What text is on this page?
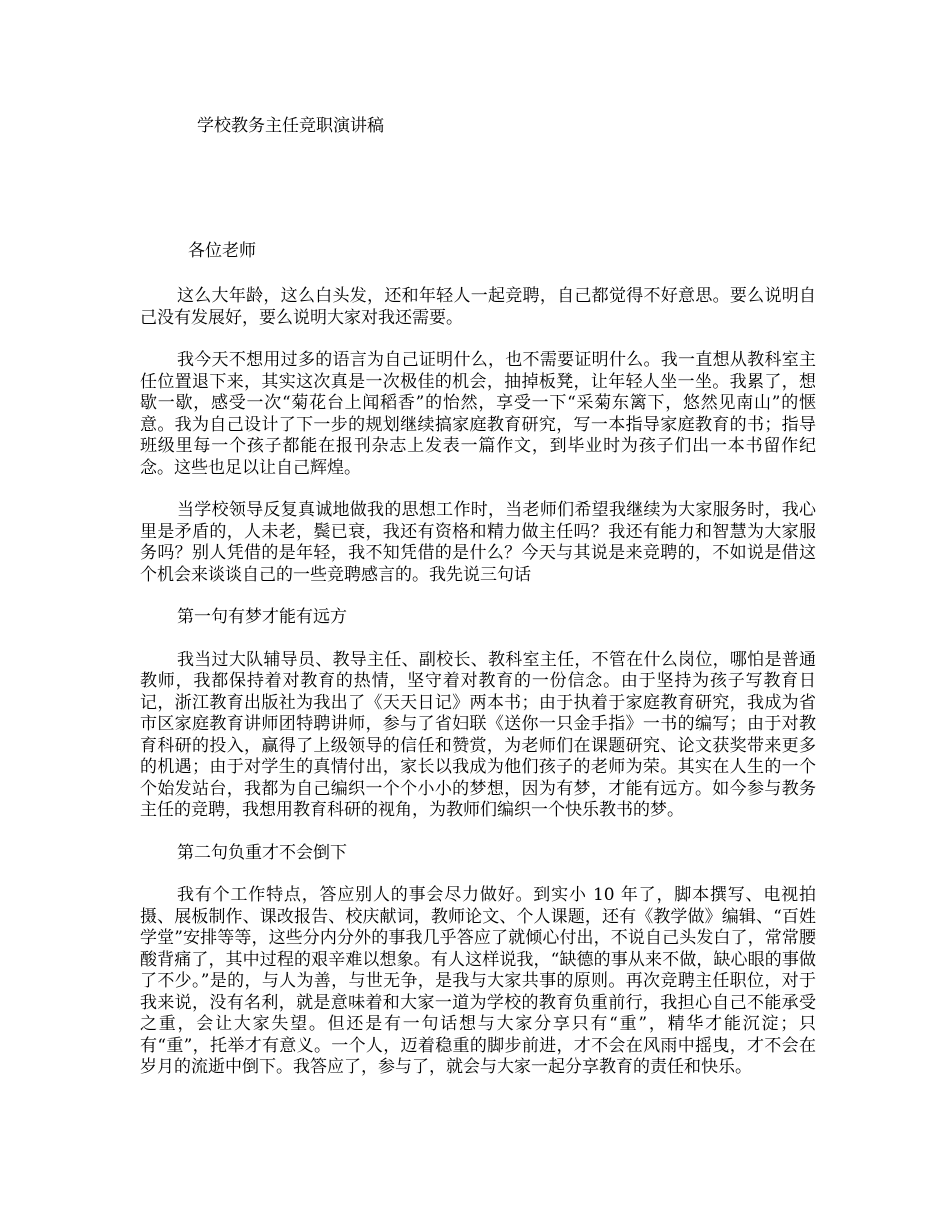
学校教务主任竞职演讲稿
各位老师

这么大年龄，这么白头发，还和年轻人一起竞聘，自己都觉得不好意思。要么说明自己没有发展好，要么说明大家对我还需要。

我今天不想用过多的语言为自己证明什么，也不需要证明什么。我一直想从教科室主任位置退下来，其实这次真是一次极佳的机会，抽掉板凳，让年轻人坐一坐。我累了，想歇一歇，感受一次“菊花台上闻稻香”的怡然，享受一下“采菊东篱下，悠然见南山”的惬意。我为自己设计了下一步的规划继续搞家庭教育研究，写一本指导家庭教育的书；指导班级里每一个孩子都能在报刊杂志上发表一篇作文，到毕业时为孩子们出一本书留作纪念。这些也足以让自己辉煌。

当学校领导反复真诚地做我的思想工作时，当老师们希望我继续为大家服务时，我心里是矛盾的，人未老，鬓已衰，我还有资格和精力做主任吗？我还有能力和智慧为大家服务吗？别人凭借的是年轻，我不知凭借的是什么？今天与其说是来竞聘的，不如说是借这个机会来谈谈自己的一些竞聘感言的。我先说三句话

第一句有梦才能有远方

我当过大队辅导员、教导主任、副校长、教科室主任，不管在什么岗位，哪怕是普通教师，我都保持着对教育的热情，坚守着对教育的一份信念。由于坚持为孩子写教育日记，浙江教育出版社为我出了《天天日记》两本书；由于执着于家庭教育研究，我成为省市区家庭教育讲师团特聘讲师，参与了省妇联《送你一只金手指》一书的编写；由于对教育科研的投入，赢得了上级领导的信任和赞赏，为老师们在课题研究、论文获奖带来更多的机遇；由于对学生的真情付出，家长以我成为他们孩子的老师为荣。其实在人生的一个个始发站台，我都为自己编织一个个小小的梦想，因为有梦，才能有远方。如今参与教务主任的竞聘，我想用教育科研的视角，为教师们编织一个快乐教书的梦。

第二句负重才不会倒下

我有个工作特点，答应别人的事会尽力做好。到实小 10 年了，脚本撰写、电视拍摄、展板制作、课改报告、校庆献词，教师论文、个人课题，还有《教学做》编辑、“百姓学堂”安排等等，这些分内分外的事我几乎答应了就倾心付出，不说自己头发白了，常常腰酸背痛了，其中过程的艰辛难以想象。有人这样说我，“缺德的事从来不做，缺心眼的事做了不少。”是的，与人为善，与世无争，是我与大家共事的原则。再次竞聘主任职位，对于我来说，没有名利，就是意味着和大家一道为学校的教育负重前行，我担心自己不能承受之重，会让大家失望。但还是有一句话想与大家分享只有“重”，精华才能沉淀；只有“重”，托举才有意义。一个人，迈着稳重的脚步前进，才不会在风雨中摇曳，才不会在岁月的流逝中倒下。我答应了，参与了，就会与大家一起分享教育的责任和快乐。
